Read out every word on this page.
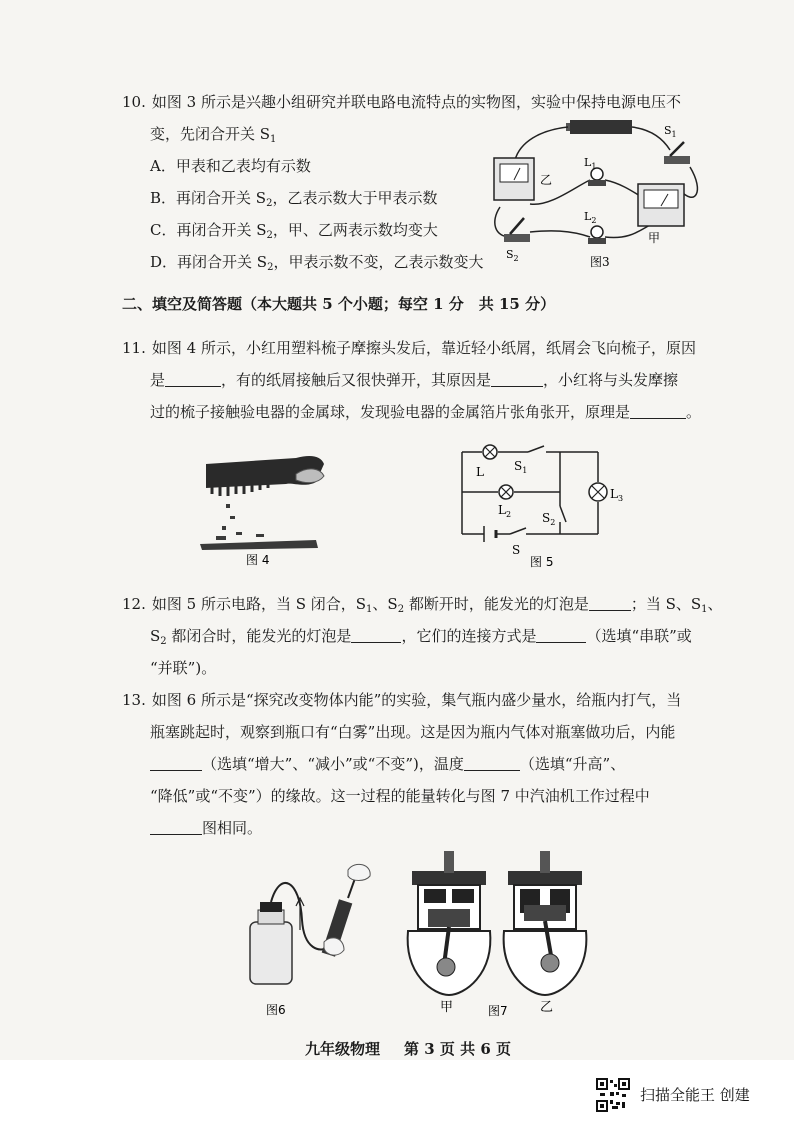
10. 如图 3 所示是兴趣小组研究并联电路电流特点的实物图，实验中保持电源电压不
变，先闭合开关 $S_1$
A．甲表和乙表均有示数
B．再闭合开关 $S_2$，乙表示数大于甲表示数
C．再闭合开关 $S_2$，甲、乙两表示数均变大
D．再闭合开关 $S_2$，甲表示数不变，乙表示数变大
$S_1$
$S_2$
$L_1$
$L_2$
乙
甲
图3
二、填空及简答题（本大题共 5 个小题；每空 1 分　共 15 分）
11. 如图 4 所示，小红用塑料梳子摩擦头发后，靠近轻小纸屑，纸屑会飞向梳子，原因
是	，有的纸屑接触后又很快弹开，其原因是	，小红将与头发摩擦
过的梳子接触验电器的金属球，发现验电器的金属箔片张角张开，原理是	。
图 4
L	$S_1$
$L_2$
$L_3$
$S_2$
S
图 5
12. 如图 5 所示电路，当 S 闭合，$S_1$、$S_2$ 都断开时，能发光的灯泡是	；当 S、$S_1$、
$S_2$ 都闭合时，能发光的灯泡是	，它们的连接方式是	（选填“串联”或
“并联”)。
13. 如图 6 所示是“探究改变物体内能”的实验，集气瓶内盛少量水，给瓶内打气，当
瓶塞跳起时，观察到瓶口有“白雾”出现。这是因为瓶内气体对瓶塞做功后，内能
（选填“增大”、“减小”或“不变”)，温度	（选填“升高”、
“降低”或“不变”）的缘故。这一过程的能量转化与图 7 中汽油机工作过程中
图相同。
图6	甲	图7 乙
九年级物理 第 3 页 共 6 页
扫描全能王 创建
